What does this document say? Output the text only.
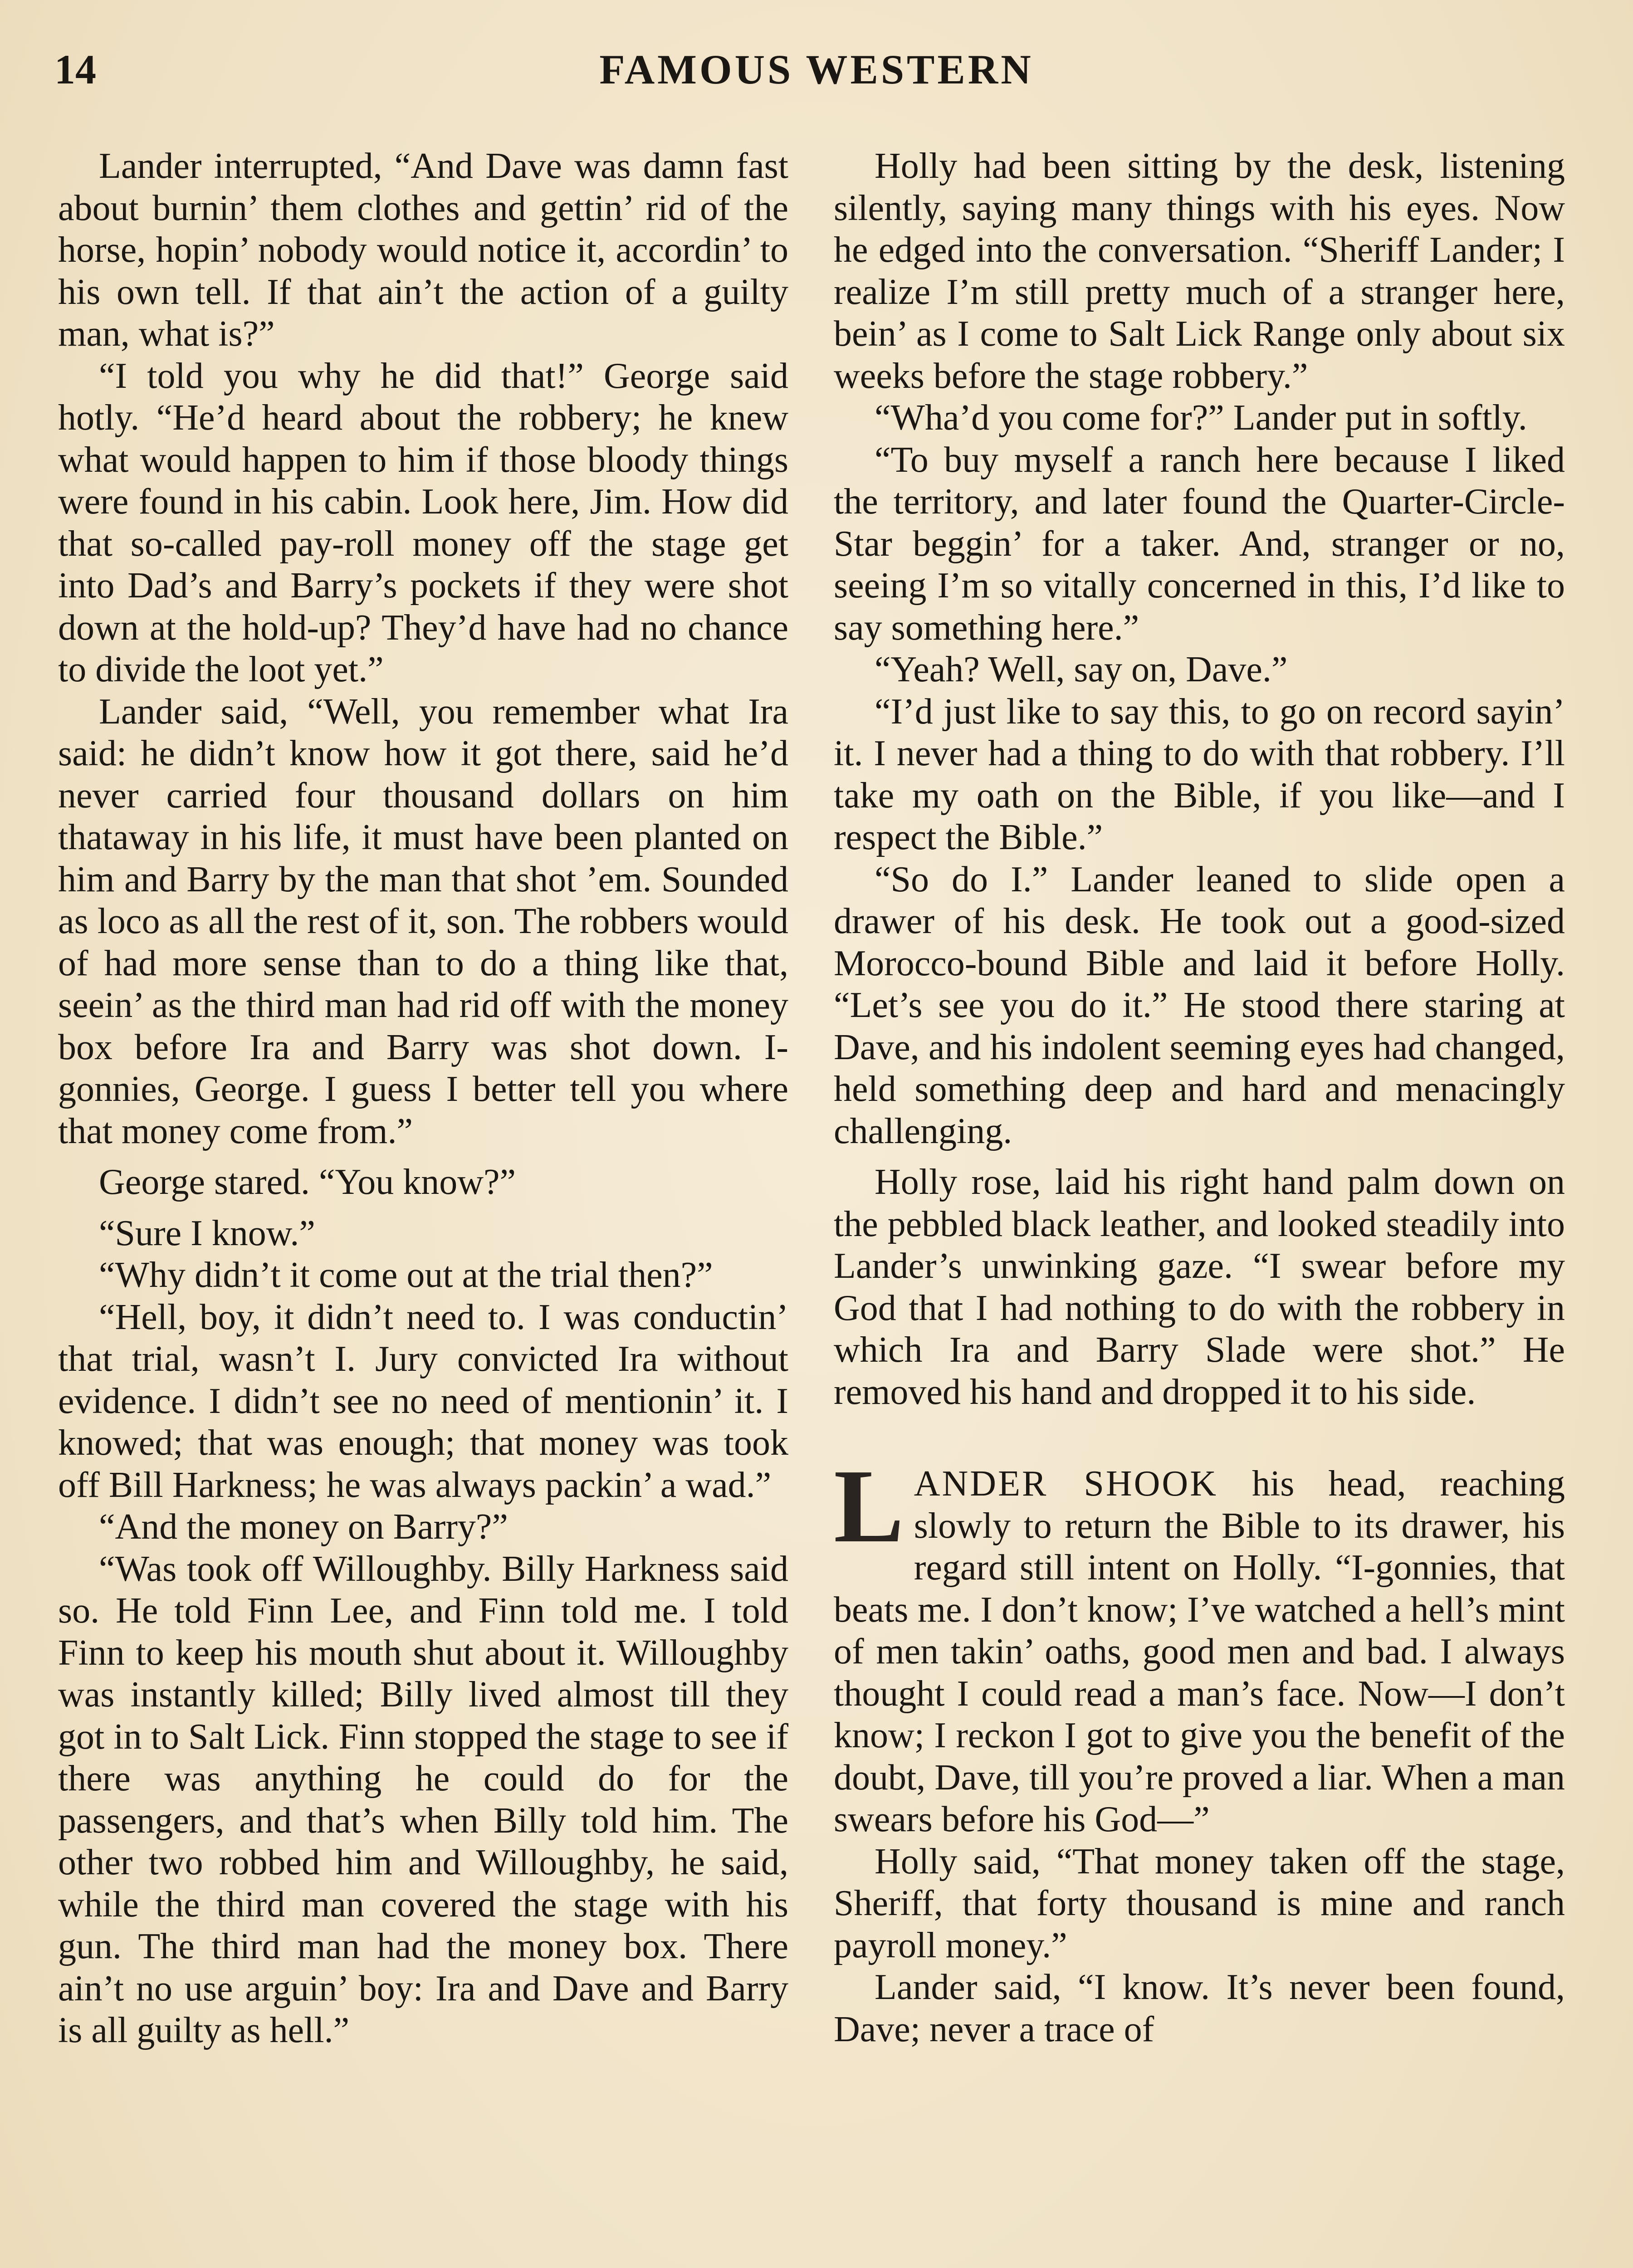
14	FAMOUS WESTERN

Lander interrupted, “And Dave was damn fast about burnin’ them clothes and gettin’ rid of the horse, hopin’ nobody would notice it, accordin’ to his own tell. If that ain’t the action of a guilty man, what is?”

“I told you why he did that!” George said hotly. “He’d heard about the robbery; he knew what would happen to him if those bloody things were found in his cabin. Look here, Jim. How did that so-called pay-roll money off the stage get into Dad’s and Barry’s pockets if they were shot down at the hold-up? They’d have had no chance to divide the loot yet.”

Lander said, “Well, you remember what Ira said: he didn’t know how it got there, said he’d never carried four thousand dollars on him thataway in his life, it must have been planted on him and Barry by the man that shot ’em. Sounded as loco as all the rest of it, son. The robbers would of had more sense than to do a thing like that, seein’ as the third man had rid off with the money box before Ira and Barry was shot down. I-gonnies, George. I guess I better tell you where that money come from.”

George stared. “You know?”

“Sure I know.”

“Why didn’t it come out at the trial then?”

“Hell, boy, it didn’t need to. I was conductin’ that trial, wasn’t I. Jury convicted Ira without evidence. I didn’t see no need of mentionin’ it. I knowed; that was enough; that money was took off Bill Harkness; he was always packin’ a wad.”

“And the money on Barry?”

“Was took off Willoughby. Billy Harkness said so. He told Finn Lee, and Finn told me. I told Finn to keep his mouth shut about it. Willoughby was instantly killed; Billy lived almost till they got in to Salt Lick. Finn stopped the stage to see if there was anything he could do for the passengers, and that’s when Billy told him. The other two robbed him and Willoughby, he said, while the third man covered the stage with his gun. The third man had the money box. There ain’t no use arguin’ boy: Ira and Dave and Barry is all guilty as hell.”

Holly had been sitting by the desk, listening silently, saying many things with his eyes. Now he edged into the conversation. “Sheriff Lander; I realize I’m still pretty much of a stranger here, bein’ as I come to Salt Lick Range only about six weeks before the stage robbery.”

“Wha’d you come for?” Lander put in softly.

“To buy myself a ranch here because I liked the territory, and later found the Quarter-Circle-Star beggin’ for a taker. And, stranger or no, seeing I’m so vitally concerned in this, I’d like to say something here.”

“Yeah? Well, say on, Dave.”

“I’d just like to say this, to go on record sayin’ it. I never had a thing to do with that robbery. I’ll take my oath on the Bible, if you like—and I respect the Bible.”

“So do I.” Lander leaned to slide open a drawer of his desk. He took out a good-sized Morocco-bound Bible and laid it before Holly. “Let’s see you do it.” He stood there staring at Dave, and his indolent seeming eyes had changed, held something deep and hard and menacingly challenging.

Holly rose, laid his right hand palm down on the pebbled black leather, and looked steadily into Lander’s unwinking gaze. “I swear before my God that I had nothing to do with the robbery in which Ira and Barry Slade were shot.” He removed his hand and dropped it to his side.

LANDER SHOOK his head, reaching slowly to return the Bible to its drawer, his regard still intent on Holly. “I-gonnies, that beats me. I don’t know; I’ve watched a hell’s mint of men takin’ oaths, good men and bad. I always thought I could read a man’s face. Now—I don’t know; I reckon I got to give you the benefit of the doubt, Dave, till you’re proved a liar. When a man swears before his God—”

Holly said, “That money taken off the stage, Sheriff, that forty thousand is mine and ranch payroll money.”

Lander said, “I know. It’s never been found, Dave; never a trace of
